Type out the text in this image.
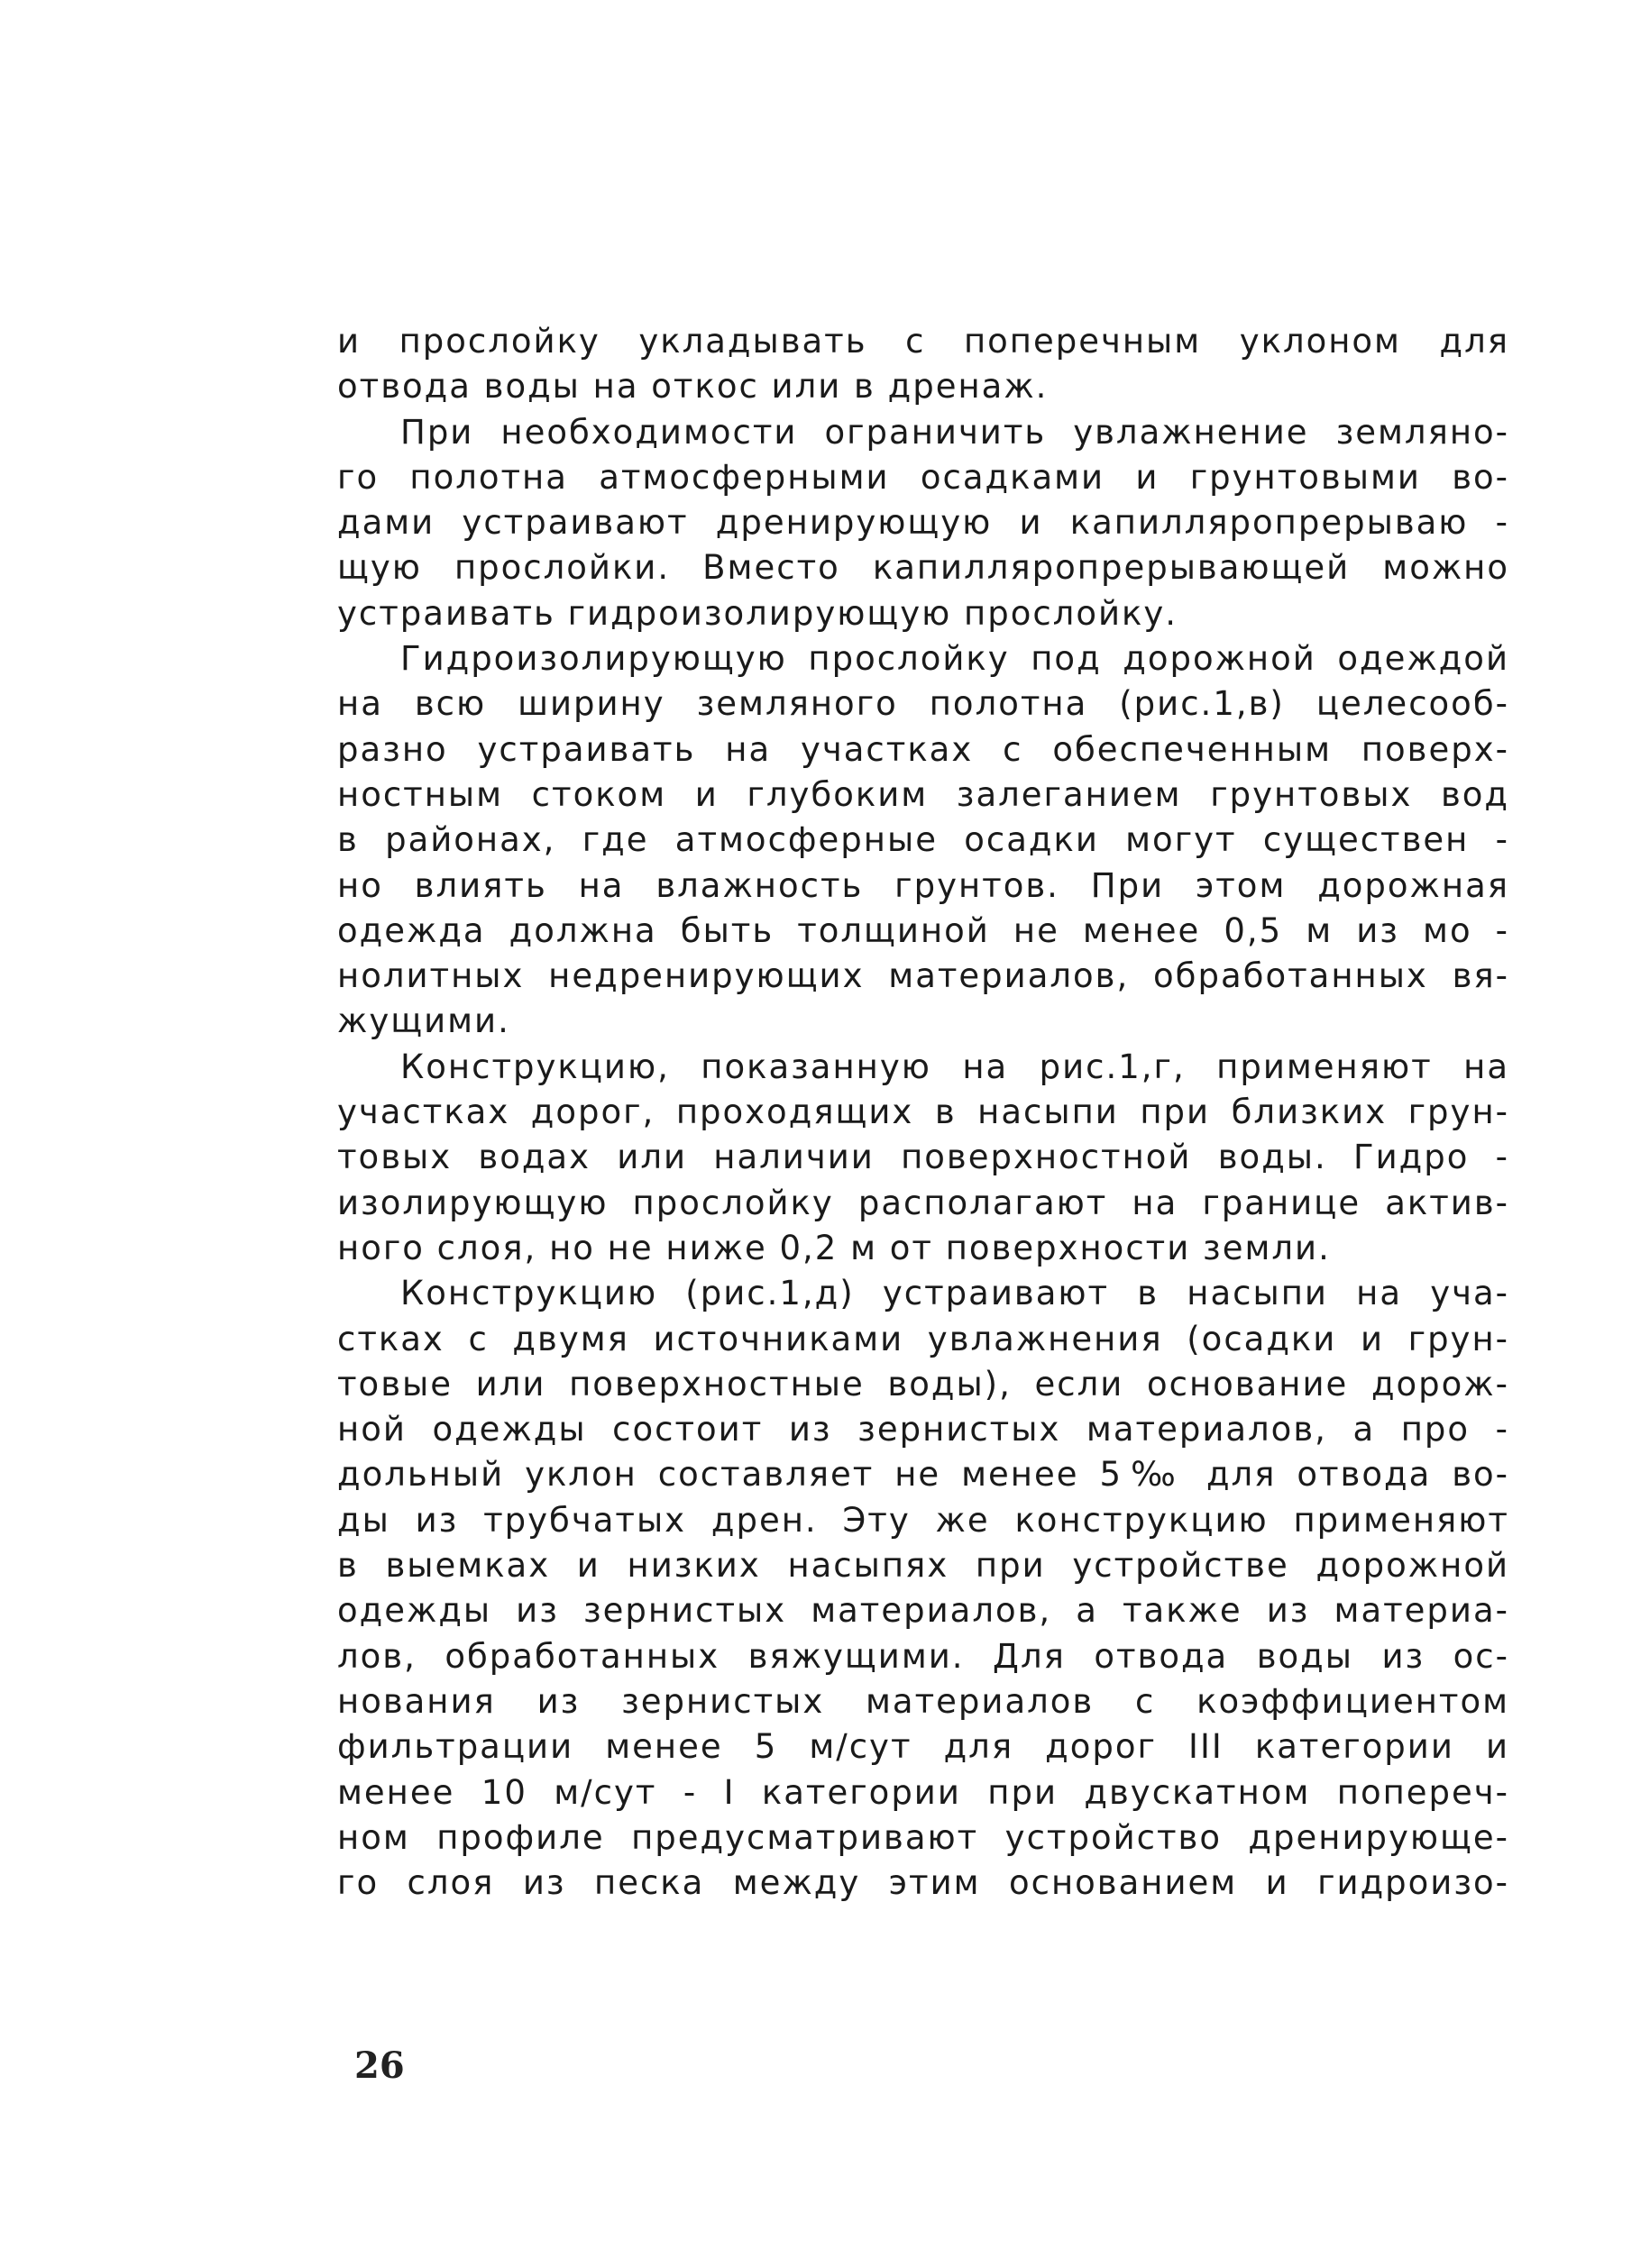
и прослойку укладывать с поперечным уклоном для
отвода воды на откос или в дренаж.
При необходимости ограничить увлажнение земляно-
го полотна атмосферными осадками и грунтовыми во-
дами устраивают дренирующую и капилляропрерываю -
щую прослойки. Вместо капилляропрерывающей можно
устраивать гидроизолирующую прослойку.
Гидроизолирующую прослойку под дорожной одеждой
на всю ширину земляного полотна (рис.1,в) целесооб-
разно устраивать на участках с обеспеченным поверх-
ностным стоком и глубоким залеганием грунтовых вод
в районах, где атмосферные осадки могут существен -
но влиять на влажность грунтов. При этом дорожная
одежда должна быть толщиной не менее 0,5 м из мо -
нолитных недренирующих материалов, обработанных вя-
жущими.
Конструкцию, показанную на рис.1,г, применяют на
участках дорог, проходящих в насыпи при близких грун-
товых водах или наличии поверхностной воды. Гидро -
изолирующую прослойку располагают на границе актив-
ного слоя, но не ниже 0,2 м от поверхности земли.
Конструкцию (рис.1,д) устраивают в насыпи на уча-
стках с двумя источниками увлажнения (осадки и грун-
товые или поверхностные воды), если основание дорож-
ной одежды состоит из зернистых материалов, а про -
дольный уклон составляет не менее 5‰ для отвода во-
ды из трубчатых дрен. Эту же конструкцию применяют
в выемках и низких насыпях при устройстве дорожной
одежды из зернистых материалов, а также из материа-
лов, обработанных вяжущими. Для отвода воды из ос-
нования из зернистых материалов с коэффициентом
фильтрации менее 5 м/сут для дорог III категории и
менее 10 м/сут - I категории при двускатном попереч-
ном профиле предусматривают устройство дренирующе-
го слоя из песка между этим основанием и гидроизо-
26
